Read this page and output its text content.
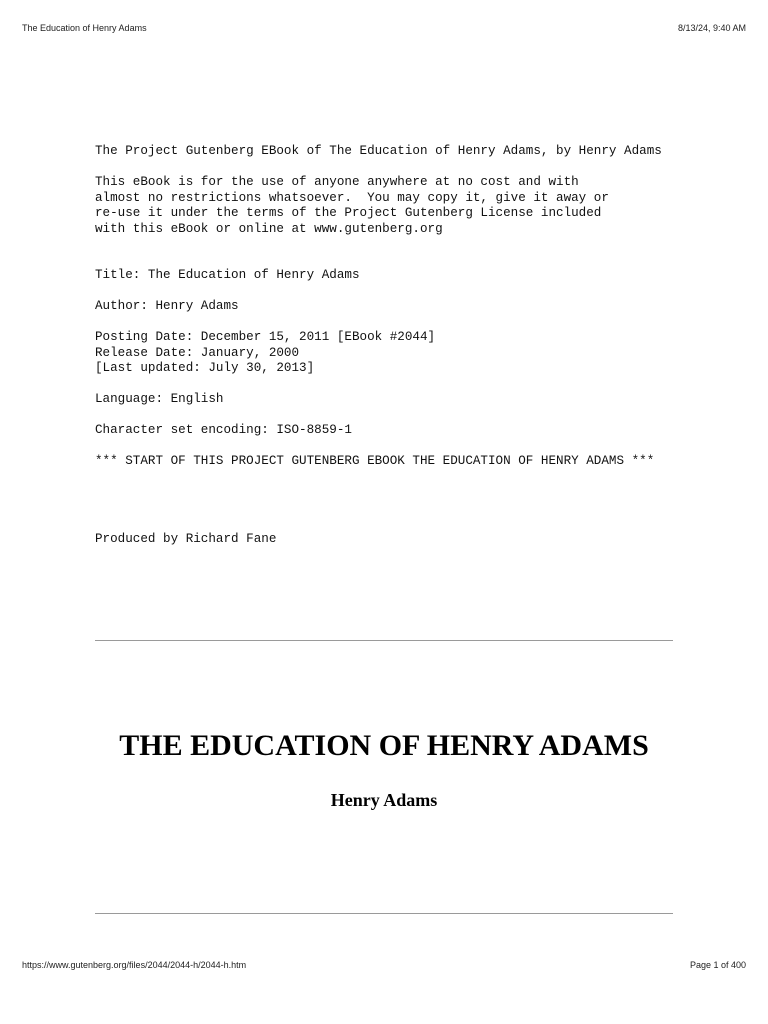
The Education of Henry Adams	8/13/24, 9:40 AM
The Project Gutenberg EBook of The Education of Henry Adams, by Henry Adams
This eBook is for the use of anyone anywhere at no cost and with
almost no restrictions whatsoever.  You may copy it, give it away or
re-use it under the terms of the Project Gutenberg License included
with this eBook or online at www.gutenberg.org
Title: The Education of Henry Adams
Author: Henry Adams
Posting Date: December 15, 2011 [EBook #2044]
Release Date: January, 2000
[Last updated: July 30, 2013]
Language: English
Character set encoding: ISO-8859-1
*** START OF THIS PROJECT GUTENBERG EBOOK THE EDUCATION OF HENRY ADAMS ***
Produced by Richard Fane
THE EDUCATION OF HENRY ADAMS
Henry Adams
https://www.gutenberg.org/files/2044/2044-h/2044-h.htm	Page 1 of 400
